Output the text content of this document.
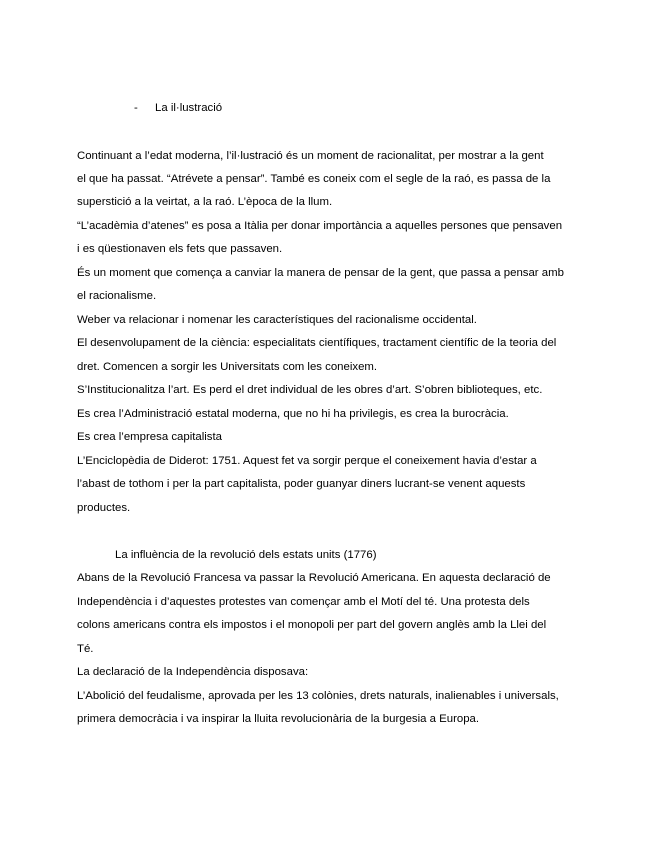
- La il·lustració
Continuant a l’edat moderna, l’il·lustració és un moment de racionalitat, per mostrar a la gent
el que ha passat. “Atrévete a pensar”. També es coneix com el segle de la raó, es passa de la
superstició a la veirtat, a la raó. L’època de la llum.
“L’acadèmia d’atenes” es posa a Itàlia per donar importància a aquelles persones que pensaven
i es qüestionaven els fets que passaven.
És un moment que comença a canviar la manera de pensar de la gent, que passa a pensar amb
el racionalisme.
Weber va relacionar i nomenar les característiques del racionalisme occidental.
El desenvolupament de la ciència: especialitats científiques, tractament científic de la teoria del
dret. Comencen a sorgir les Universitats com les coneixem.
S’Institucionalitza l’art. Es perd el dret individual de les obres d’art. S’obren biblioteques, etc.
Es crea l’Administració estatal moderna, que no hi ha privilegis, es crea la burocràcia.
Es crea l’empresa capitalista
L’Enciclopèdia de Diderot: 1751. Aquest fet va sorgir perque el coneixement havia d’estar a
l’abast de tothom i per la part capitalista, poder guanyar diners lucrant-se venent aquests
productes.
La influència de la revolució dels estats units (1776)
Abans de la Revolució Francesa va passar la Revolució Americana. En aquesta declaració de
Independència i d’aquestes protestes van començar amb el Motí del té. Una protesta dels
colons americans contra els impostos i el monopoli per part del govern anglès amb la Llei del
Té.
La declaració de la Independència disposava:
L’Abolició del feudalisme, aprovada per les 13 colònies, drets naturals, inalienables i universals,
primera democràcia i va inspirar la lluita revolucionària de la burgesia a Europa.
